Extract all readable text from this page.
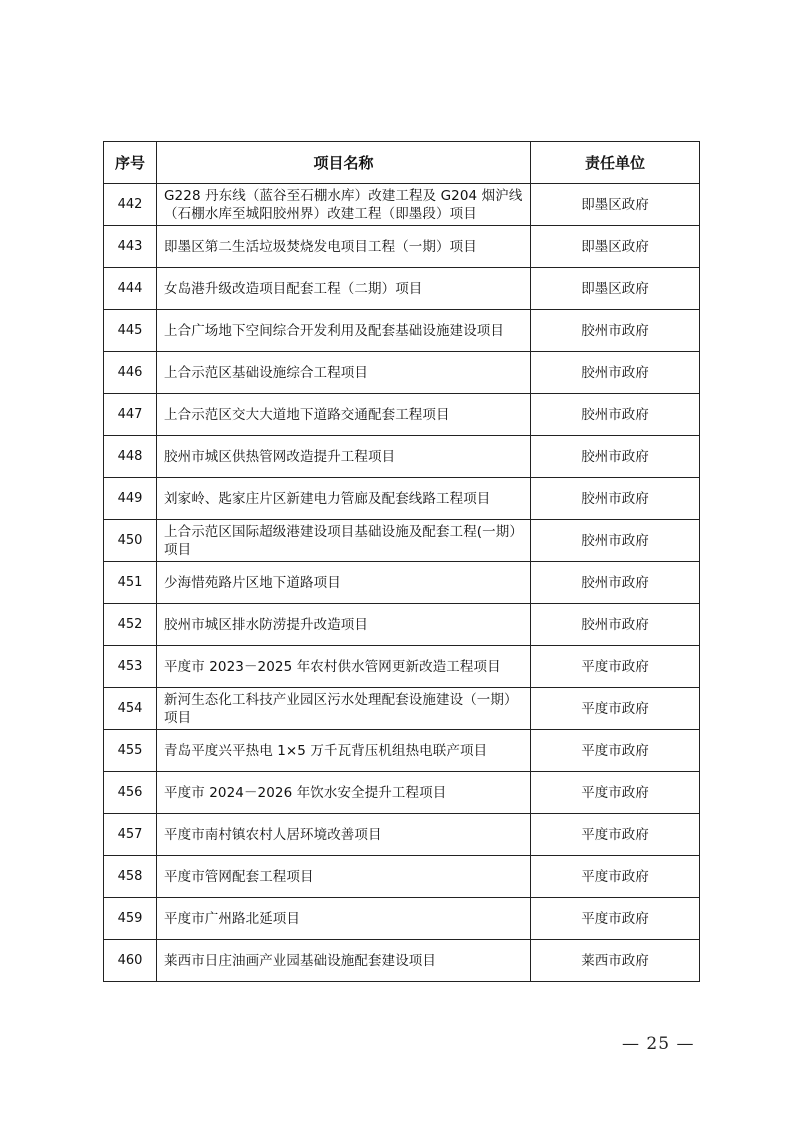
序号	项目名称	责任单位
442	G228 丹东线（蓝谷至石棚水库）改建工程及 G204 烟沪线（石棚水库至城阳胶州界）改建工程（即墨段）项目	即墨区政府
443	即墨区第二生活垃圾焚烧发电项目工程（一期）项目	即墨区政府
444	女岛港升级改造项目配套工程（二期）项目	即墨区政府
445	上合广场地下空间综合开发利用及配套基础设施建设项目	胶州市政府
446	上合示范区基础设施综合工程项目	胶州市政府
447	上合示范区交大大道地下道路交通配套工程项目	胶州市政府
448	胶州市城区供热管网改造提升工程项目	胶州市政府
449	刘家岭、匙家庄片区新建电力管廊及配套线路工程项目	胶州市政府
450	上合示范区国际超级港建设项目基础设施及配套工程(一期）项目	胶州市政府
451	少海惜苑路片区地下道路项目	胶州市政府
452	胶州市城区排水防涝提升改造项目	胶州市政府
453	平度市 2023－2025 年农村供水管网更新改造工程项目	平度市政府
454	新河生态化工科技产业园区污水处理配套设施建设（一期）项目	平度市政府
455	青岛平度兴平热电 1×5 万千瓦背压机组热电联产项目	平度市政府
456	平度市 2024－2026 年饮水安全提升工程项目	平度市政府
457	平度市南村镇农村人居环境改善项目	平度市政府
458	平度市管网配套工程项目	平度市政府
459	平度市广州路北延项目	平度市政府
460	莱西市日庄油画产业园基础设施配套建设项目	莱西市政府
— 25 —
